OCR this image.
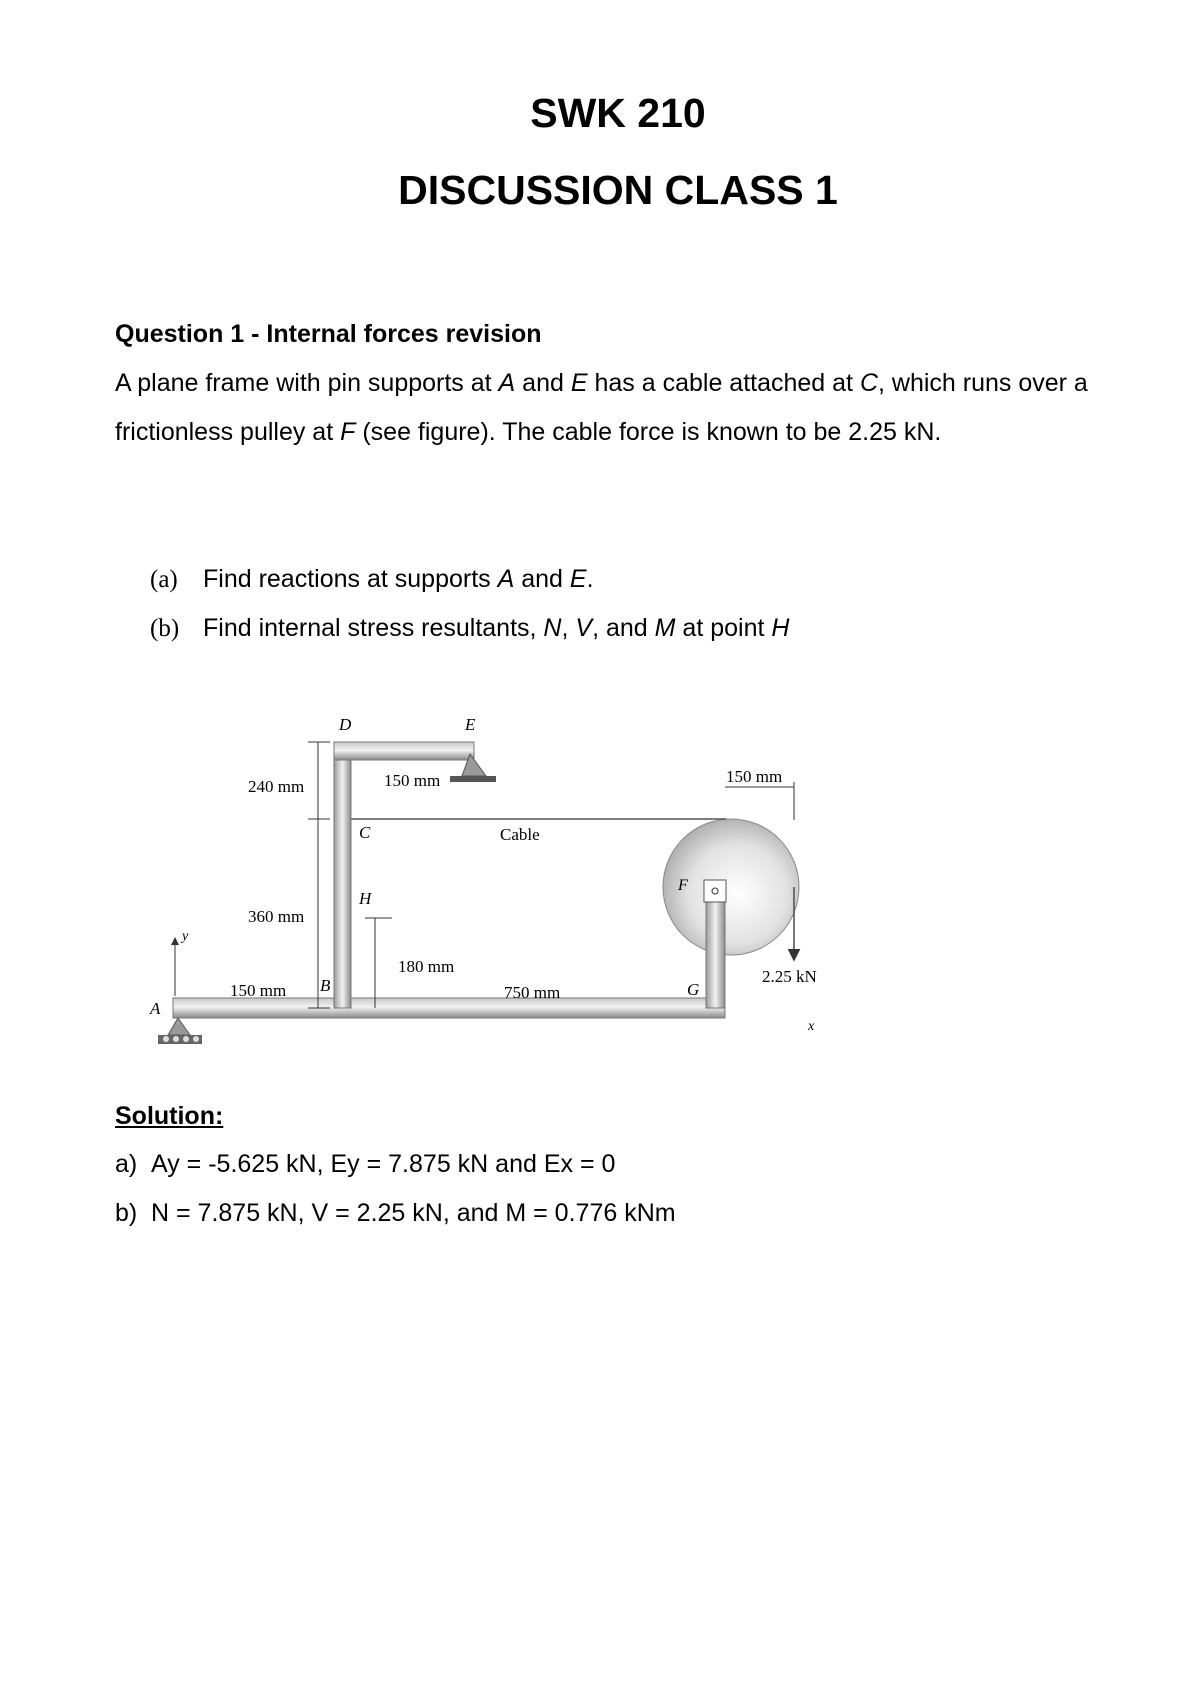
SWK 210
DISCUSSION CLASS 1
Question 1 - Internal forces revision
A plane frame with pin supports at A and E has a cable attached at C, which runs over a frictionless pulley at F (see figure). The cable force is known to be 2.25 kN.
(a) Find reactions at supports A and E.
(b) Find internal stress resultants, N, V, and M at point H
D	E
C
H
B
A
F
G
240 mm	150 mm
360 mm
180 mm
150 mm	750 mm
150 mm
Cable
2.25 kN
y
x
Solution:
a) Ay = -5.625 kN, Ey = 7.875 kN and Ex = 0
b) N = 7.875 kN, V = 2.25 kN, and M = 0.776 kNm
